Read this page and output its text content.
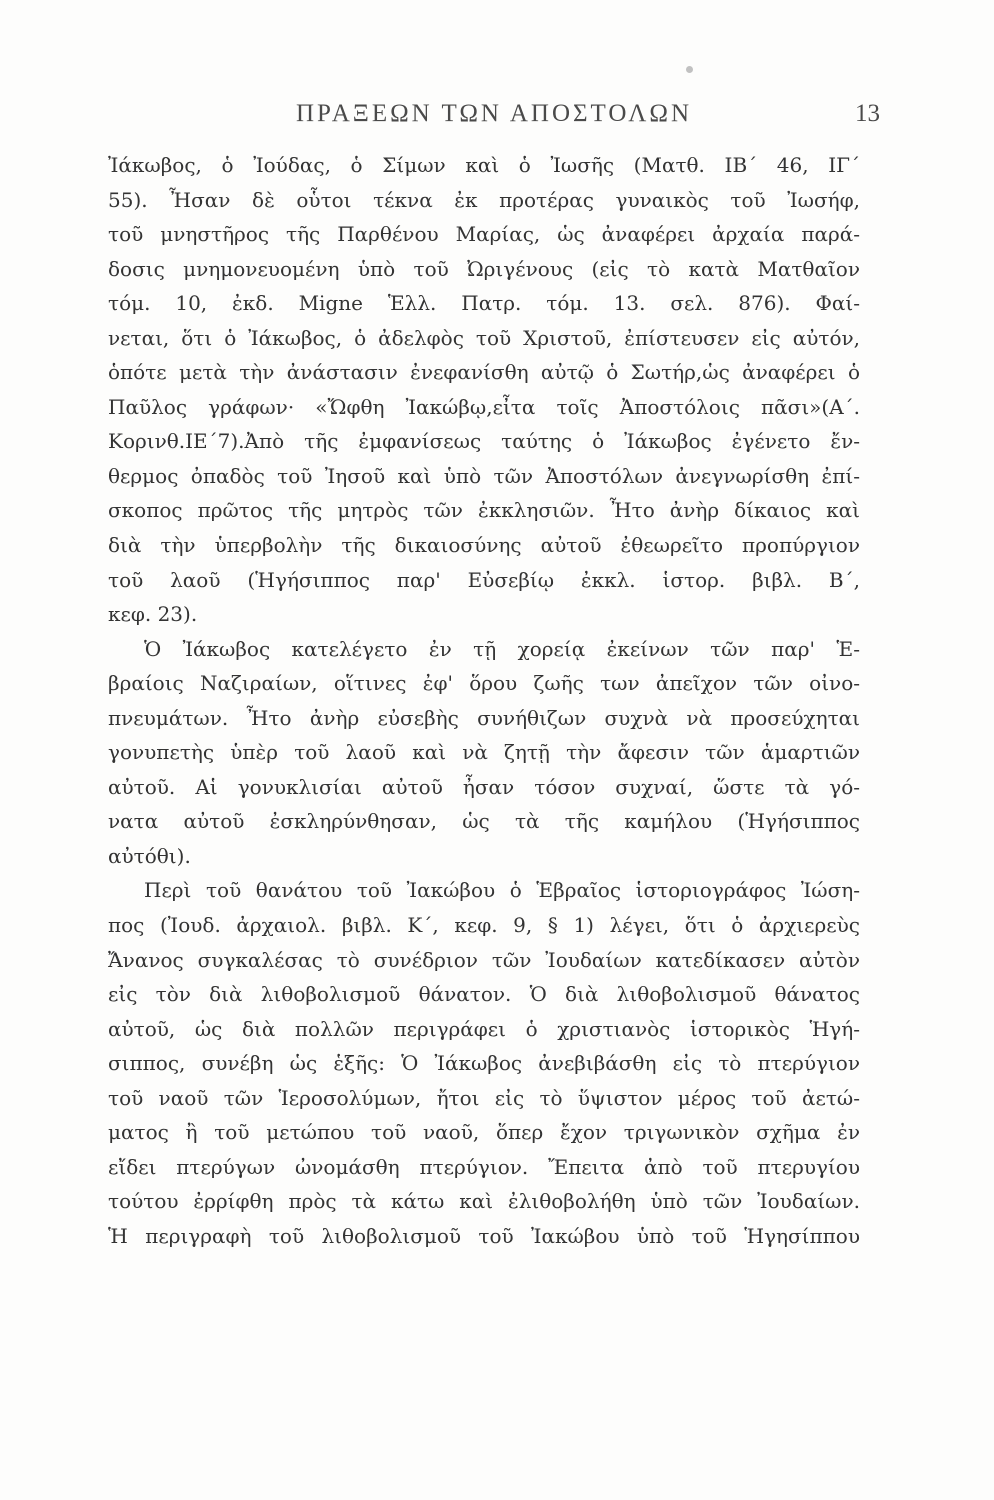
ΠΡΑΞΕΩΝ ΤΩΝ ΑΠΟΣΤΟΛΩΝ	13
Ἰάκωβος, ὁ Ἰούδας, ὁ Σίμων καὶ ὁ Ἰωσῆς (Ματθ. ΙΒ΄ 46, ΙΓ΄
55). Ἦσαν δὲ οὗτοι τέκνα ἐκ προτέρας γυναικὸς τοῦ Ἰωσήφ,
τοῦ μνηστῆρος τῆς Παρθένου Μαρίας, ὡς ἀναφέρει ἀρχαία παρά-
δοσις μνημονευομένη ὑπὸ τοῦ Ὠριγένους (εἰς τὸ κατὰ Ματθαῖον
τόμ. 10, ἐκδ. Migne Ἑλλ. Πατρ. τόμ. 13. σελ. 876). Φαί-
νεται, ὅτι ὁ Ἰάκωβος, ὁ ἀδελφὸς τοῦ Χριστοῦ, ἐπίστευσεν εἰς αὐτόν,
ὁπότε μετὰ τὴν ἀνάστασιν ἐνεφανίσθη αὐτῷ ὁ Σωτήρ,ὡς ἀναφέρει ὁ
Παῦλος γράφων· «Ὤφθη Ἰακώβῳ,εἶτα τοῖς Ἀποστόλοις πᾶσι»(Α΄.
Κορινθ.ΙΕ΄7).Ἀπὸ τῆς ἐμφανίσεως ταύτης ὁ Ἰάκωβος ἐγένετο ἔν-
θερμος ὀπαδὸς τοῦ Ἰησοῦ καὶ ὑπὸ τῶν Ἀποστόλων ἀνεγνωρίσθη ἐπί-
σκοπος πρῶτος τῆς μητρὸς τῶν ἐκκλησιῶν. Ἦτο ἀνὴρ δίκαιος καὶ
διὰ τὴν ὑπερβολὴν τῆς δικαιοσύνης αὐτοῦ ἐθεωρεῖτο προπύργιον
τοῦ λαοῦ (Ἡγήσιππος παρ' Εὐσεβίῳ ἐκκλ. ἱστορ. βιβλ. Β΄,
κεφ. 23).
Ὁ Ἰάκωβος κατελέγετο ἐν τῇ χορείᾳ ἐκείνων τῶν παρ' Ἑ-
βραίοις Ναζιραίων, οἵτινες ἐφ' ὅρου ζωῆς των ἀπεῖχον τῶν οἰνο-
πνευμάτων. Ἦτο ἀνὴρ εὐσεβὴς συνήθιζων συχνὰ νὰ προσεύχηται
γονυπετὴς ὑπὲρ τοῦ λαοῦ καὶ νὰ ζητῇ τὴν ἄφεσιν τῶν ἁμαρτιῶν
αὐτοῦ. Αἱ γονυκλισίαι αὐτοῦ ἦσαν τόσον συχναί, ὥστε τὰ γό-
νατα αὐτοῦ ἐσκληρύνθησαν, ὡς τὰ τῆς καμήλου (Ἡγήσιππος
αὐτόθι).
Περὶ τοῦ θανάτου τοῦ Ἰακώβου ὁ Ἑβραῖος ἱστοριογράφος Ἰώση-
πος (Ἰουδ. ἀρχαιολ. βιβλ. Κ΄, κεφ. 9, § 1) λέγει, ὅτι ὁ ἀρχιερεὺς
Ἄνανος συγκαλέσας τὸ συνέδριον τῶν Ἰουδαίων κατεδίκασεν αὐτὸν
εἰς τὸν διὰ λιθοβολισμοῦ θάνατον. Ὁ διὰ λιθοβολισμοῦ θάνατος
αὐτοῦ, ὡς διὰ πολλῶν περιγράφει ὁ χριστιανὸς ἱστορικὸς Ἡγή-
σιππος, συνέβη ὡς ἑξῆς: Ὁ Ἰάκωβος ἀνεβιβάσθη εἰς τὸ πτερύγιον
τοῦ ναοῦ τῶν Ἱεροσολύμων, ἤτοι εἰς τὸ ὕψιστον μέρος τοῦ ἀετώ-
ματος ἢ τοῦ μετώπου τοῦ ναοῦ, ὅπερ ἔχον τριγωνικὸν σχῆμα ἐν
εἴδει πτερύγων ὠνομάσθη πτερύγιον. Ἔπειτα ἀπὸ τοῦ πτερυγίου
τούτου ἐρρίφθη πρὸς τὰ κάτω καὶ ἐλιθοβολήθη ὑπὸ τῶν Ἰουδαίων.
Ἡ περιγραφὴ τοῦ λιθοβολισμοῦ τοῦ Ἰακώβου ὑπὸ τοῦ Ἡγησίππου
